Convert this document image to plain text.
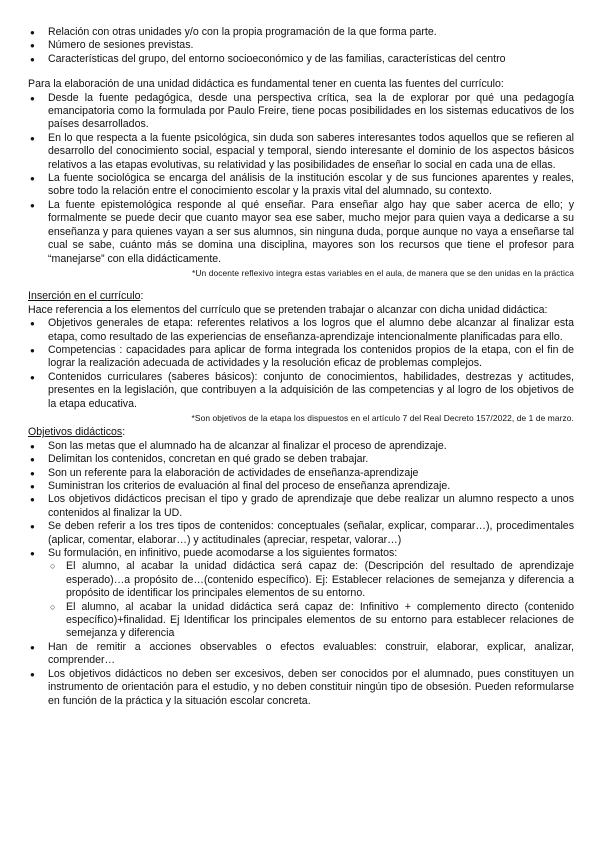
● Relación con otras unidades y/o con la propia programación de la que forma parte.
● Número de sesiones previstas.
● Características del grupo, del entorno socioeconómico y de las familias, características del centro

Para la elaboración de una unidad didáctica es fundamental tener en cuenta las fuentes del currículo:

● Desde la fuente pedagógica, desde una perspectiva crítica, sea la de explorar por qué una pedagogía emancipatoria como la formulada por Paulo Freire, tiene pocas posibilidades en los sistemas educativos de los países desarrollados.
● En lo que respecta a la fuente psicológica, sin duda son saberes interesantes todos aquellos que se refieren al desarrollo del conocimiento social, espacial y temporal, siendo interesante el dominio de los aspectos básicos relativos a las etapas evolutivas, su relatividad y las posibilidades de enseñar lo social en cada una de ellas.
● La fuente sociológica se encarga del análisis de la institución escolar y de sus funciones aparentes y reales, sobre todo la relación entre el conocimiento escolar y la praxis vital del alumnado, su contexto.
● La fuente epistemológica responde al qué enseñar. Para enseñar algo hay que saber acerca de ello; y formalmente se puede decir que cuanto mayor sea ese saber, mucho mejor para quien vaya a dedicarse a su enseñanza y para quienes vayan a ser sus alumnos, sin ninguna duda, porque aunque no vaya a enseñarse tal cual se sabe, cuánto más se domina una disciplina, mayores son los recursos que tiene el profesor para “manejarse” con ella didácticamente.
*Un docente reflexivo integra estas variables en el aula, de manera que se den unidas en la práctica

Inserción en el currículo:

Hace referencia a los elementos del currículo que se pretenden trabajar o alcanzar con dicha unidad didáctica:

● Objetivos generales de etapa: referentes relativos a los logros que el alumno debe alcanzar al finalizar esta etapa, como resultado de las experiencias de enseñanza-aprendizaje intencionalmente planificadas para ello.
● Competencias : capacidades para aplicar de forma integrada los contenidos propios de la etapa, con el fin de lograr la realización adecuada de actividades y la resolución eficaz de problemas complejos.
● Contenidos curriculares (saberes básicos): conjunto de conocimientos, habilidades, destrezas y actitudes, presentes en la legislación, que contribuyen a la adquisición de las competencias y al logro de los objetivos de la etapa educativa.
*Son objetivos de la etapa los dispuestos en el artículo 7 del Real Decreto 157/2022, de 1 de marzo.

Objetivos didácticos:

● Son las metas que el alumnado ha de alcanzar al finalizar el proceso de aprendizaje.
● Delimitan los contenidos, concretan en qué grado se deben trabajar.
● Son un referente para la elaboración de actividades de enseñanza-aprendizaje
● Suministran los criterios de evaluación al final del proceso de enseñanza aprendizaje.
● Los objetivos didácticos precisan el tipo y grado de aprendizaje que debe realizar un alumno respecto a unos contenidos al finalizar la UD.
● Se deben referir a los tres tipos de contenidos: conceptuales (señalar, explicar, comparar…), procedimentales (aplicar, comentar, elaborar…) y actitudinales (apreciar, respetar, valorar…)
● Su formulación, en infinitivo, puede acomodarse a los siguientes formatos:
○ El alumno, al acabar la unidad didáctica será capaz de: (Descripción del resultado de aprendizaje esperado)…a propósito de…(contenido específico). Ej: Establecer relaciones de semejanza y diferencia a propósito de identificar los principales elementos de su entorno.
○ El alumno, al acabar la unidad didáctica será capaz de: Infinitivo + complemento directo (contenido específico)+finalidad. Ej Identificar los principales elementos de su entorno para establecer relaciones de semejanza y diferencia
● Han de remitir a acciones observables o efectos evaluables: construir, elaborar, explicar, analizar, comprender…
● Los objetivos didácticos no deben ser excesivos, deben ser conocidos por el alumnado, pues constituyen un instrumento de orientación para el estudio, y no deben constituir ningún tipo de obsesión. Pueden reformularse en función de la práctica y la situación escolar concreta.
